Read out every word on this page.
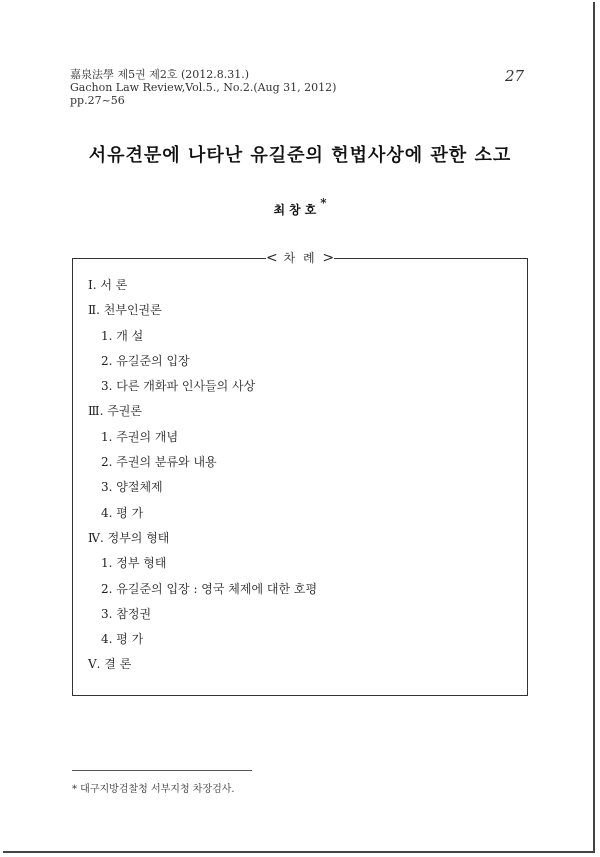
嘉泉法學 제5권 제2호 (2012.8.31.)
Gachon Law Review,Vol.5., No.2.(Aug 31, 2012)
pp.27~56
27
서유견문에 나타난 유길준의 헌법사상에 관한 소고
최창호*
< 차 례 >
I. 서 론
Ⅱ. 천부인권론
1. 개 설
2. 유길준의 입장
3. 다른 개화파 인사들의 사상
Ⅲ. 주권론
1. 주권의 개념
2. 주권의 분류와 내용
3. 양절체제
4. 평 가
Ⅳ. 정부의 형태
1. 정부 형태
2. 유길준의 입장 : 영국 체제에 대한 호평
3. 참정권
4. 평 가
Ⅴ. 결 론
* 대구지방검찰청 서부지청 차장검사.
